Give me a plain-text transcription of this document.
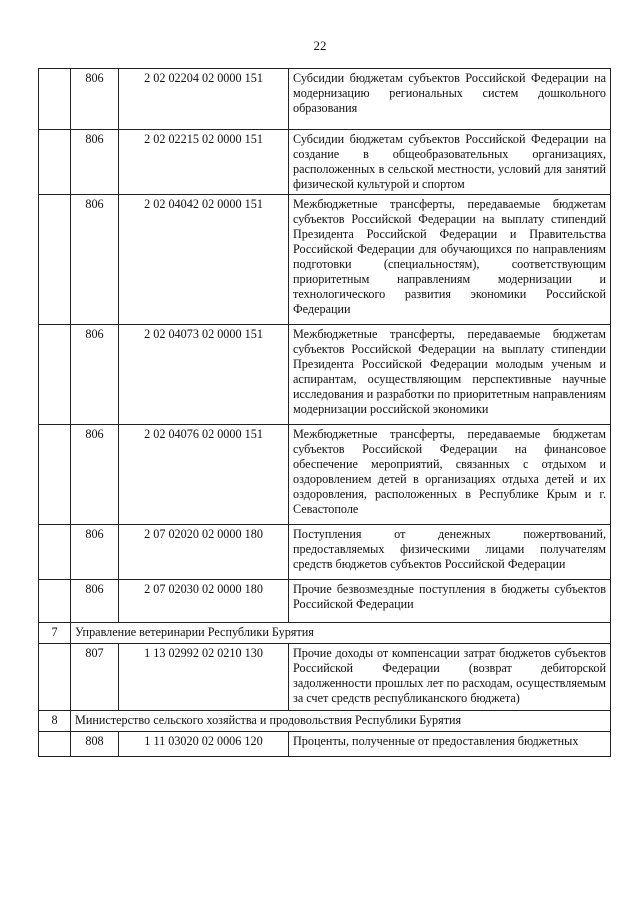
22
	806	2 02 02204 02 0000 151	Субсидии бюджетам субъектов Российской Федерации на модернизацию региональных систем дошкольного образования
	806	2 02 02215 02 0000 151	Субсидии бюджетам субъектов Российской Федерации на создание в общеобразовательных организациях, расположенных в сельской местности, условий для занятий физической культурой и спортом
	806	2 02 04042 02 0000 151	Межбюджетные трансферты, передаваемые бюджетам субъектов Российской Федерации на выплату стипендий Президента Российской Федерации и Правительства Российской Федерации для обучающихся по направлениям подготовки (специальностям), соответствующим приоритетным направлениям модернизации и технологического развития экономики Российской Федерации
	806	2 02 04073 02 0000 151	Межбюджетные трансферты, передаваемые бюджетам субъектов Российской Федерации на выплату стипендии Президента Российской Федерации молодым ученым и аспирантам, осуществляющим перспективные научные исследования и разработки по приоритетным направлениям модернизации российской экономики
	806	2 02 04076 02 0000 151	Межбюджетные трансферты, передаваемые бюджетам субъектов Российской Федерации на финансовое обеспечение мероприятий, связанных с отдыхом и оздоровлением детей в организациях отдыха детей и их оздоровления, расположенных в Республике Крым и г. Севастополе
	806	2 07 02020 02 0000 180	Поступления от денежных пожертвований, предоставляемых физическими лицами получателям средств бюджетов субъектов Российской Федерации
	806	2 07 02030 02 0000 180	Прочие безвозмездные поступления в бюджеты субъектов Российской Федерации
7	Управление ветеринарии Республики Бурятия		
	807	1 13 02992 02 0210 130	Прочие доходы от компенсации затрат бюджетов субъектов Российской Федерации (возврат дебиторской задолженности прошлых лет по расходам, осуществляемым за счет средств республиканского бюджета)
8	Министерство сельского хозяйства и продовольствия Республики Бурятия		
	808	1 11 03020 02 0006 120	Проценты, полученные от предоставления бюджетных
